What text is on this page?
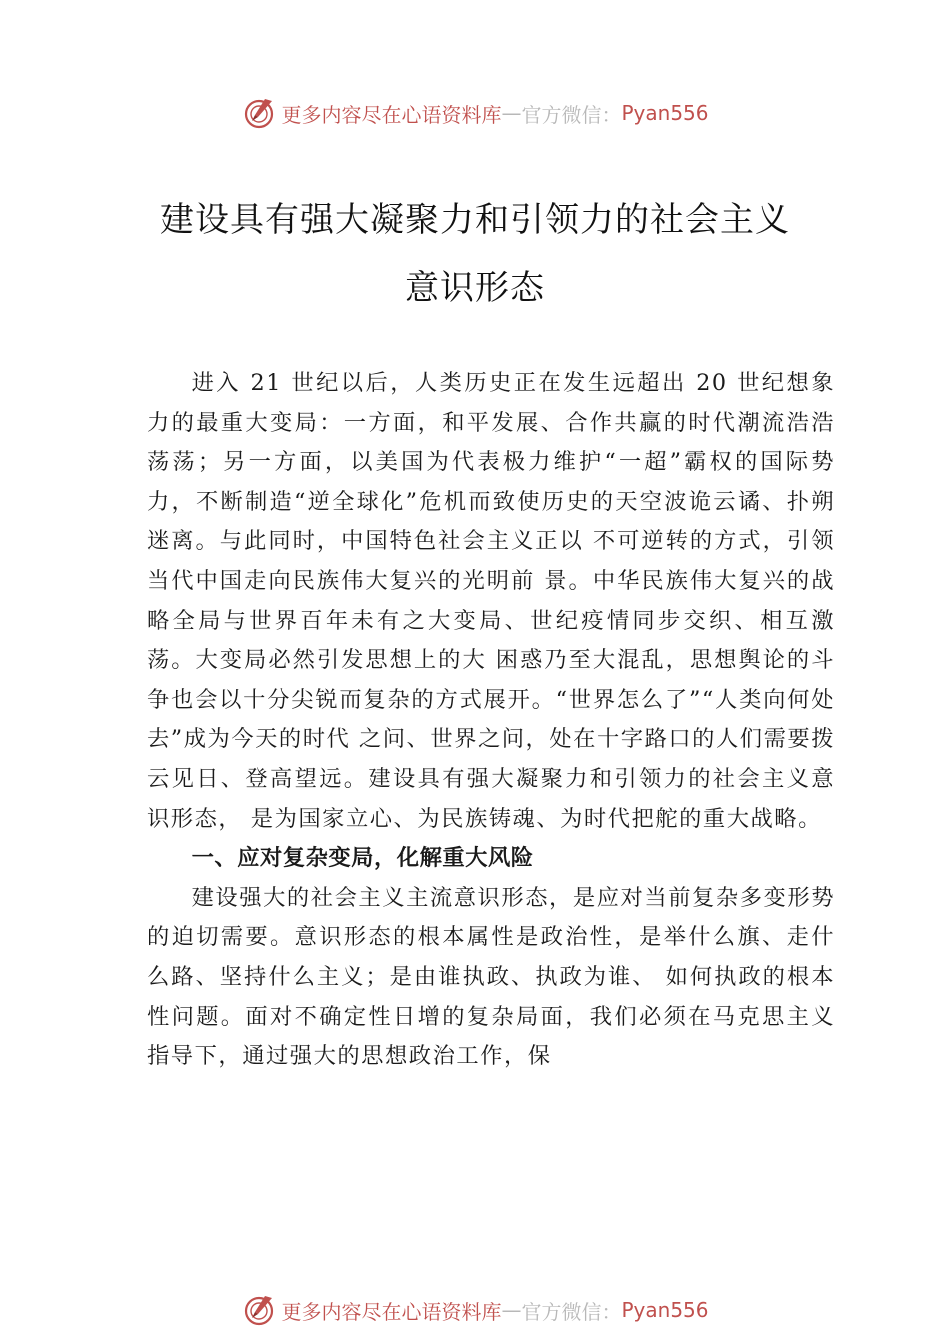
更多内容尽在心语资料库 — 官方微信： Pyan556
建设具有强大凝聚力和引领力的社会主义
意识形态

进入 21 世纪以后，人类历史正在发生远超出 20 世纪想象力的最重大变局：一方面，和平发展、合作共赢的时代潮流浩浩荡荡；另一方面，以美国为代表极力维护“一超”霸权的国际势力，不断制造“逆全球化”危机而致使历史的天空波诡云谲、扑朔迷离。与此同时，中国特色社会主义正以 不可逆转的方式，引领当代中国走向民族伟大复兴的光明前 景。中华民族伟大复兴的战略全局与世界百年未有之大变局、世纪疫情同步交织、相互激荡。大变局必然引发思想上的大 困惑乃至大混乱，思想舆论的斗争也会以十分尖锐而复杂的方式展开。“世界怎么了”“人类向何处去”成为今天的时代 之问、世界之问，处在十字路口的人们需要拨云见日、登高望远。建设具有强大凝聚力和引领力的社会主义意识形态， 是为国家立心、为民族铸魂、为时代把舵的重大战略。

一、应对复杂变局，化解重大风险

建设强大的社会主义主流意识形态，是应对当前复杂多变形势的迫切需要。意识形态的根本属性是政治性，是举什么旗、走什么路、坚持什么主义；是由谁执政、执政为谁、 如何执政的根本性问题。面对不确定性日增的复杂局面，我们必须在马克思主义指导下，通过强大的思想政治工作，保

更多内容尽在心语资料库 — 官方微信： Pyan556
